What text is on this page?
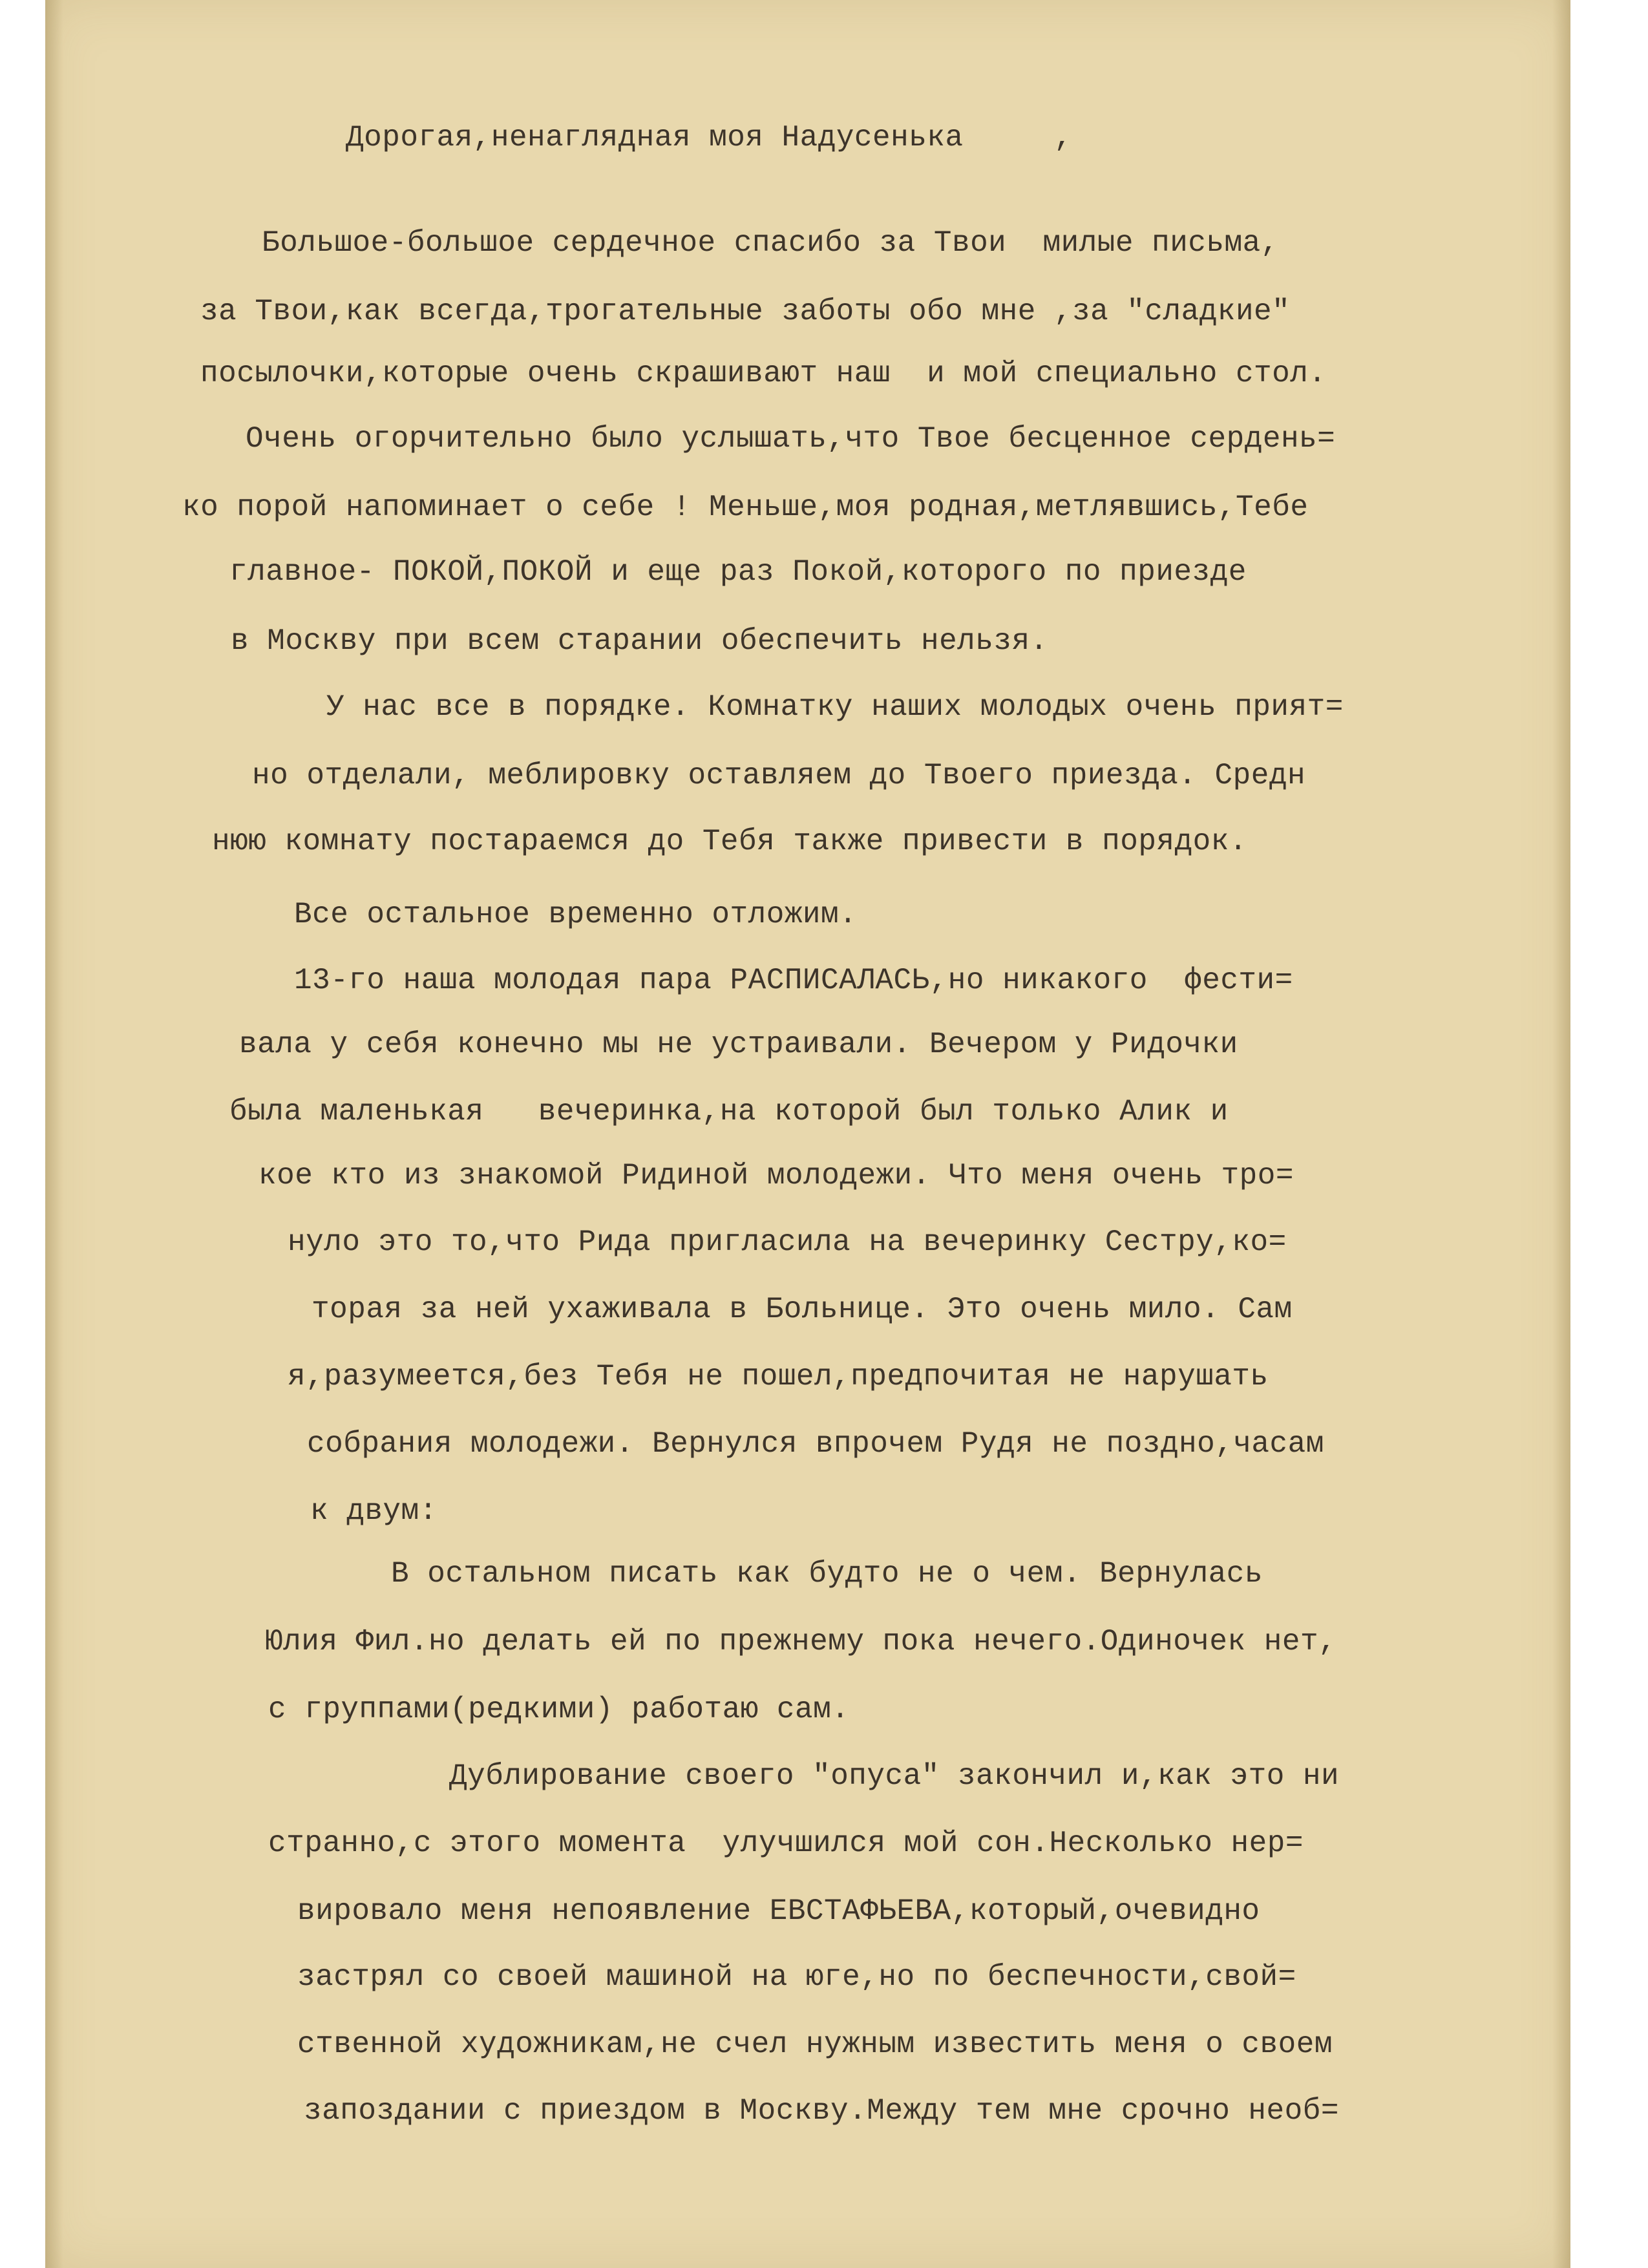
Дорогая,ненаглядная моя Надусенька     ,

Большое-большое сердечное спасибо за Твои  милые письма,

за Твои,как всегда,трогательные заботы обо мне ,за "сладкие"

посылочки,которые очень скрашивают наш  и мой специально стол.

Очень огорчительно было услышать,что Твое бесценное сердень=

ко порой напоминает о себе ! Меньше,моя родная,метлявшись,Тебе

главное- ПОКОЙ,ПОКОЙ и еще раз Покой,которого по приезде

в Москву при всем старании обеспечить нельзя.

У нас все в порядке. Комнатку наших молодых очень прият=

но отделали, меблировку оставляем до Твоего приезда. Средн

нюю комнату постараемся до Тебя также привести в порядок.

Все остальное временно отложим.

13-го наша молодая пара РАСПИСАЛАСЬ,но никакого  фести=

вала у себя конечно мы не устраивали. Вечером у Ридочки

была маленькая   вечеринка,на которой был только Алик и

кое кто из знакомой Ридиной молодежи. Что меня очень тро=

нуло это то,что Рида пригласила на вечеринку Сестру,ко=

торая за ней ухаживала в Больнице. Это очень мило. Сам

я,разумеется,без Тебя не пошел,предпочитая не нарушать

собрания молодежи. Вернулся впрочем Рудя не поздно,часам

к двум:

В остальном писать как будто не о чем. Вернулась

Юлия Фил.но делать ей по прежнему пока нечего.Одиночек нет,

с группами(редкими) работаю сам.

Дублирование своего "опуса" закончил и,как это ни

странно,с этого момента  улучшился мой сон.Несколько нер=

вировало меня непоявление ЕВСТАФЬЕВА,который,очевидно

застрял со своей машиной на юге,но по беспечности,свой=

ственной художникам,не счел нужным известить меня о своем

запоздании с приездом в Москву.Между тем мне срочно необ=
